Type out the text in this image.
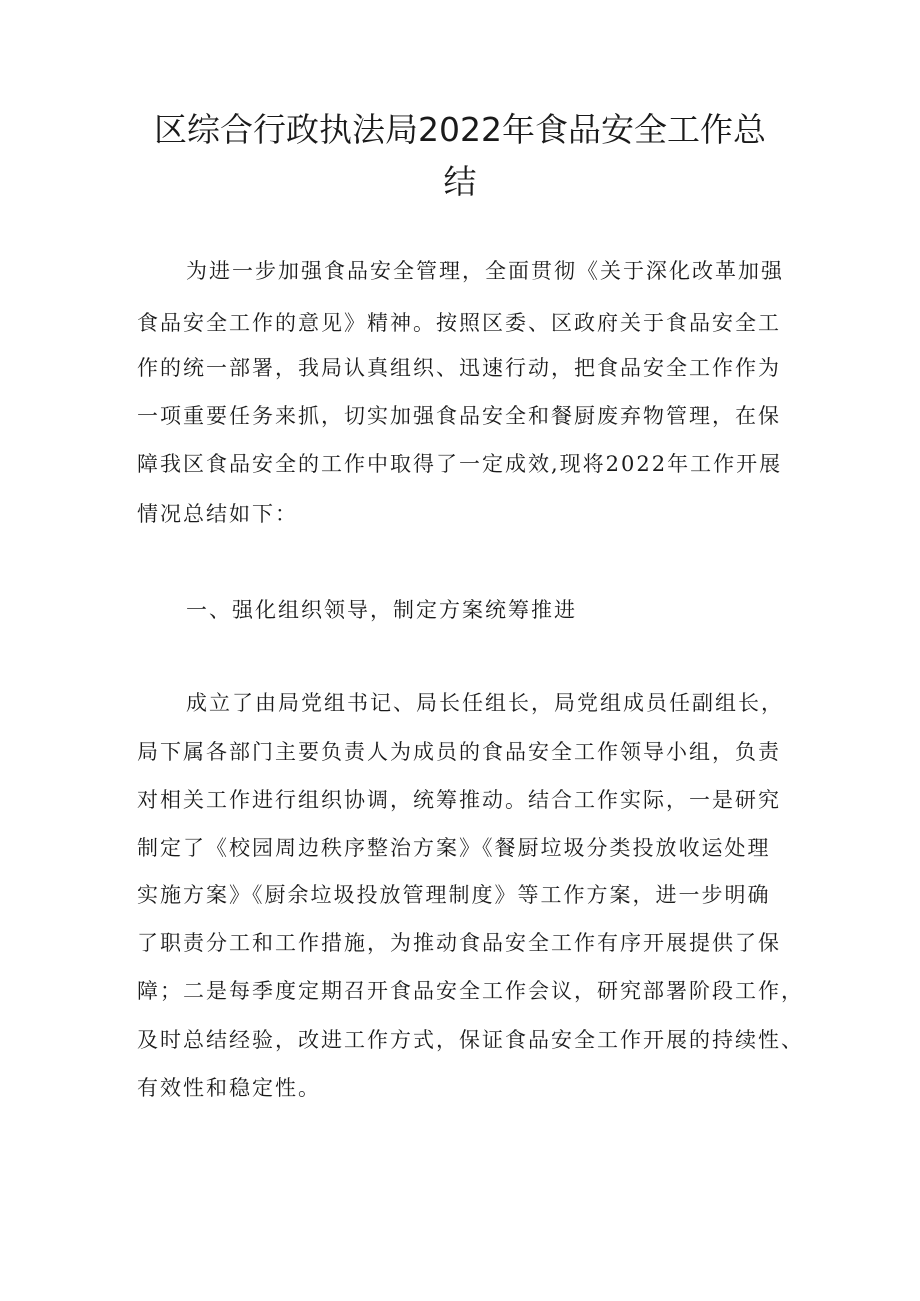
区综合行政执法局2022年食品安全工作总
结
为进一步加强食品安全管理，全面贯彻《关于深化改革加强
食品安全工作的意见》精神。按照区委、区政府关于食品安全工
作的统一部署，我局认真组织、迅速行动，把食品安全工作作为
一项重要任务来抓，切实加强食品安全和餐厨废弃物管理，在保
障我区食品安全的工作中取得了一定成效,现将2022年工作开展
情况总结如下：
一、强化组织领导，制定方案统筹推进
成立了由局党组书记、局长任组长，局党组成员任副组长，
局下属各部门主要负责人为成员的食品安全工作领导小组，负责
对相关工作进行组织协调，统筹推动。结合工作实际，一是研究
制定了《校园周边秩序整治方案》《餐厨垃圾分类投放收运处理
实施方案》《厨余垃圾投放管理制度》等工作方案，进一步明确
了职责分工和工作措施，为推动食品安全工作有序开展提供了保
障；二是每季度定期召开食品安全工作会议，研究部署阶段工作，
及时总结经验，改进工作方式，保证食品安全工作开展的持续性、
有效性和稳定性。
